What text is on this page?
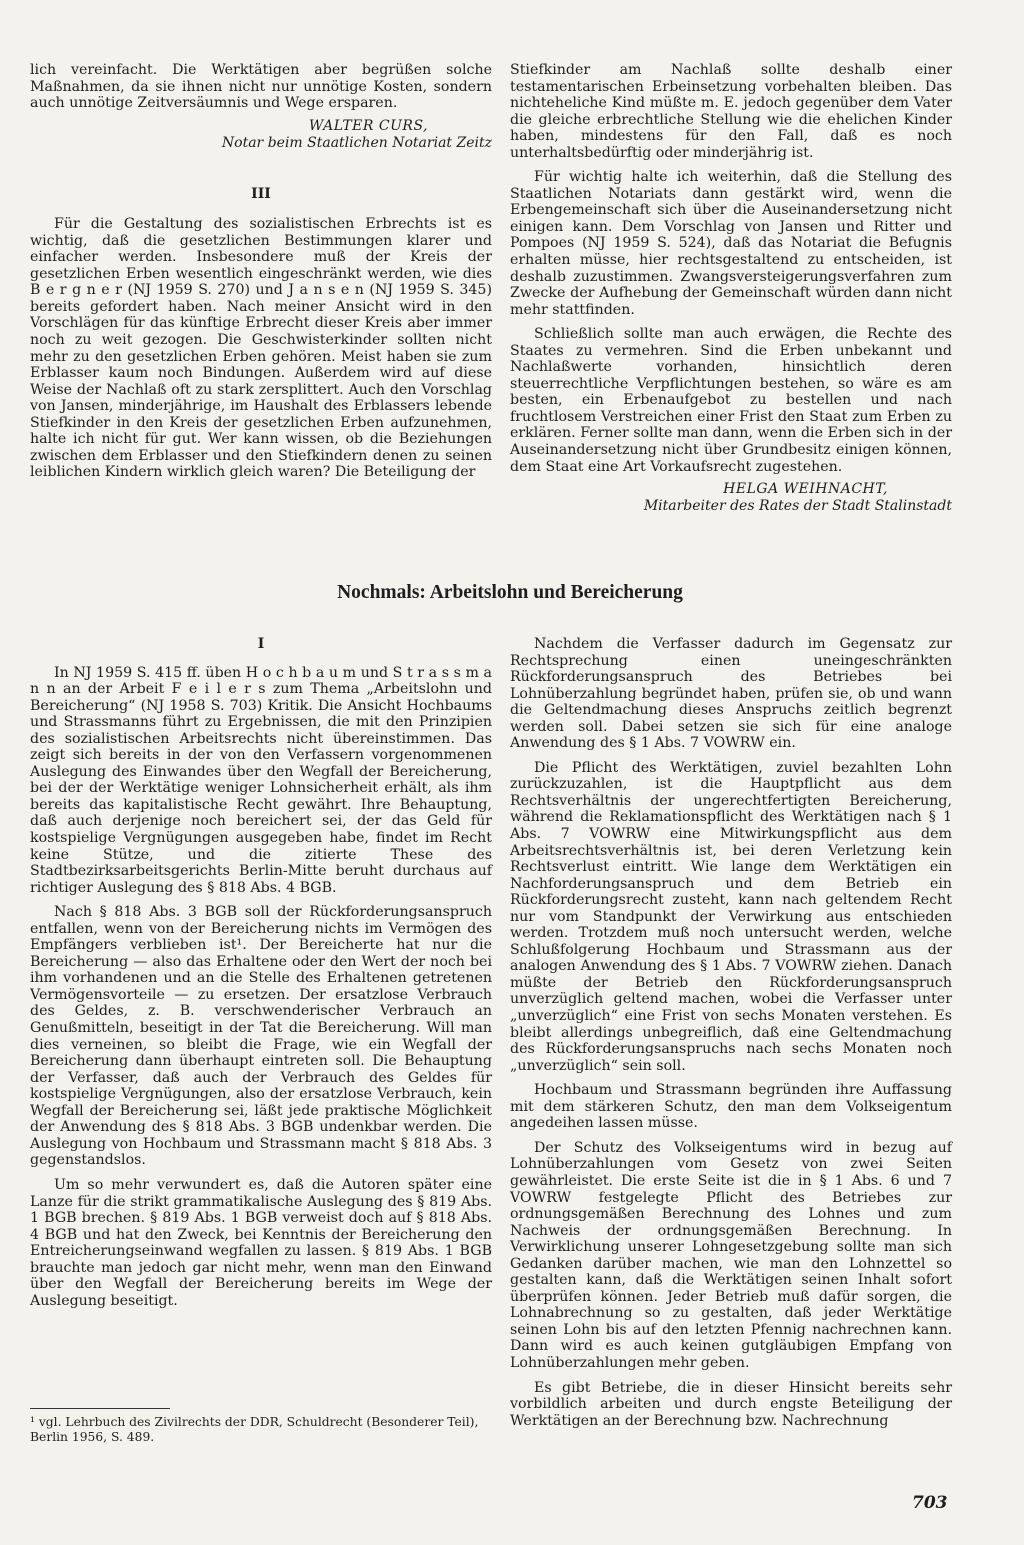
lich vereinfacht. Die Werktätigen aber begrüßen solche Maßnahmen, da sie ihnen nicht nur unnötige Kosten, sondern auch unnötige Zeitversäumnis und Wege ersparen.

WALTER CURS,
Notar beim Staatlichen Notariat Zeitz

III

Für die Gestaltung des sozialistischen Erbrechts ist es wichtig, daß die gesetzlichen Bestimmungen klarer und einfacher werden. Insbesondere muß der Kreis der gesetzlichen Erben wesentlich eingeschränkt werden, wie dies B e r g n e r (NJ 1959 S. 270) und J a n s e n (NJ 1959 S. 345) bereits gefordert haben. Nach meiner Ansicht wird in den Vorschlägen für das künftige Erbrecht dieser Kreis aber immer noch zu weit gezogen. Die Geschwisterkinder sollten nicht mehr zu den gesetzlichen Erben gehören. Meist haben sie zum Erblasser kaum noch Bindungen. Außerdem wird auf diese Weise der Nachlaß oft zu stark zersplittert. Auch den Vorschlag von Jansen, minderjährige, im Haushalt des Erblassers lebende Stiefkinder in den Kreis der gesetzlichen Erben aufzunehmen, halte ich nicht für gut. Wer kann wissen, ob die Beziehungen zwischen dem Erblasser und den Stiefkindern denen zu seinen leiblichen Kindern wirklich gleich waren? Die Beteiligung der

Stiefkinder am Nachlaß sollte deshalb einer testamentarischen Erbeinsetzung vorbehalten bleiben. Das nichteheliche Kind müßte m. E. jedoch gegenüber dem Vater die gleiche erbrechtliche Stellung wie die ehelichen Kinder haben, mindestens für den Fall, daß es noch unterhaltsbedürftig oder minderjährig ist.

Für wichtig halte ich weiterhin, daß die Stellung des Staatlichen Notariats dann gestärkt wird, wenn die Erbengemeinschaft sich über die Auseinandersetzung nicht einigen kann. Dem Vorschlag von Jansen und Ritter und Pompoes (NJ 1959 S. 524), daß das Notariat die Befugnis erhalten müsse, hier rechtsgestaltend zu entscheiden, ist deshalb zuzustimmen. Zwangsversteigerungsverfahren zum Zwecke der Aufhebung der Gemeinschaft würden dann nicht mehr stattfinden.

Schließlich sollte man auch erwägen, die Rechte des Staates zu vermehren. Sind die Erben unbekannt und Nachlaßwerte vorhanden, hinsichtlich deren steuerrechtliche Verpflichtungen bestehen, so wäre es am besten, ein Erbenaufgebot zu bestellen und nach fruchtlosem Verstreichen einer Frist den Staat zum Erben zu erklären. Ferner sollte man dann, wenn die Erben sich in der Auseinandersetzung nicht über Grundbesitz einigen können, dem Staat eine Art Vorkaufsrecht zugestehen.

HELGA WEIHNACHT,
Mitarbeiter des Rates der Stadt Stalinstadt
Nochmals: Arbeitslohn und Bereicherung

I

In NJ 1959 S. 415 ff. üben H o c h b a u m und S t r a s s m a n n an der Arbeit F e i l e r s zum Thema „Arbeitslohn und Bereicherung“ (NJ 1958 S. 703) Kritik. Die Ansicht Hochbaums und Strassmanns führt zu Ergebnissen, die mit den Prinzipien des sozialistischen Arbeitsrechts nicht übereinstimmen. Das zeigt sich bereits in der von den Verfassern vorgenommenen Auslegung des Einwandes über den Wegfall der Bereicherung, bei der der Werktätige weniger Lohnsicherheit erhält, als ihm bereits das kapitalistische Recht gewährt. Ihre Behauptung, daß auch derjenige noch bereichert sei, der das Geld für kostspielige Vergnügungen ausgegeben habe, findet im Recht keine Stütze, und die zitierte These des Stadtbezirksarbeitsgerichts Berlin-Mitte beruht durchaus auf richtiger Auslegung des § 818 Abs. 4 BGB.

Nach § 818 Abs. 3 BGB soll der Rückforderungsanspruch entfallen, wenn von der Bereicherung nichts im Vermögen des Empfängers verblieben ist¹. Der Bereicherte hat nur die Bereicherung — also das Erhaltene oder den Wert der noch bei ihm vorhandenen und an die Stelle des Erhaltenen getretenen Vermögensvorteile — zu ersetzen. Der ersatzlose Verbrauch des Geldes, z. B. verschwenderischer Verbrauch an Genußmitteln, beseitigt in der Tat die Bereicherung. Will man dies verneinen, so bleibt die Frage, wie ein Wegfall der Bereicherung dann überhaupt eintreten soll. Die Behauptung der Verfasser, daß auch der Verbrauch des Geldes für kostspielige Vergnügungen, also der ersatzlose Verbrauch, kein Wegfall der Bereicherung sei, läßt jede praktische Möglichkeit der Anwendung des § 818 Abs. 3 BGB undenkbar werden. Die Auslegung von Hochbaum und Strassmann macht § 818 Abs. 3 gegenstandslos.

Um so mehr verwundert es, daß die Autoren später eine Lanze für die strikt grammatikalische Auslegung des § 819 Abs. 1 BGB brechen. § 819 Abs. 1 BGB verweist doch auf § 818 Abs. 4 BGB und hat den Zweck, bei Kenntnis der Bereicherung den Entreicherungseinwand wegfallen zu lassen. § 819 Abs. 1 BGB brauchte man jedoch gar nicht mehr, wenn man den Einwand über den Wegfall der Bereicherung bereits im Wege der Auslegung beseitigt.

¹ vgl. Lehrbuch des Zivilrechts der DDR, Schuldrecht (Besonderer Teil), Berlin 1956, S. 489.

Nachdem die Verfasser dadurch im Gegensatz zur Rechtsprechung einen uneingeschränkten Rückforderungsanspruch des Betriebes bei Lohnüberzahlung begründet haben, prüfen sie, ob und wann die Geltendmachung dieses Anspruchs zeitlich begrenzt werden soll. Dabei setzen sie sich für eine analoge Anwendung des § 1 Abs. 7 VOWRW ein.

Die Pflicht des Werktätigen, zuviel bezahlten Lohn zurückzuzahlen, ist die Hauptpflicht aus dem Rechtsverhältnis der ungerechtfertigten Bereicherung, während die Reklamationspflicht des Werktätigen nach § 1 Abs. 7 VOWRW eine Mitwirkungspflicht aus dem Arbeitsrechtsverhältnis ist, bei deren Verletzung kein Rechtsverlust eintritt. Wie lange dem Werktätigen ein Nachforderungsanspruch und dem Betrieb ein Rückforderungsrecht zusteht, kann nach geltendem Recht nur vom Standpunkt der Verwirkung aus entschieden werden. Trotzdem muß noch untersucht werden, welche Schlußfolgerung Hochbaum und Strassmann aus der analogen Anwendung des § 1 Abs. 7 VOWRW ziehen. Danach müßte der Betrieb den Rückforderungsanspruch unverzüglich geltend machen, wobei die Verfasser unter „unverzüglich“ eine Frist von sechs Monaten verstehen. Es bleibt allerdings unbegreiflich, daß eine Geltendmachung des Rückforderungsanspruchs nach sechs Monaten noch „unverzüglich“ sein soll.

Hochbaum und Strassmann begründen ihre Auffassung mit dem stärkeren Schutz, den man dem Volkseigentum angedeihen lassen müsse.

Der Schutz des Volkseigentums wird in bezug auf Lohnüberzahlungen vom Gesetz von zwei Seiten gewährleistet. Die erste Seite ist die in § 1 Abs. 6 und 7 VOWRW festgelegte Pflicht des Betriebes zur ordnungsgemäßen Berechnung des Lohnes und zum Nachweis der ordnungsgemäßen Berechnung. In Verwirklichung unserer Lohngesetzgebung sollte man sich Gedanken darüber machen, wie man den Lohnzettel so gestalten kann, daß die Werktätigen seinen Inhalt sofort überprüfen können. Jeder Betrieb muß dafür sorgen, die Lohnabrechnung so zu gestalten, daß jeder Werktätige seinen Lohn bis auf den letzten Pfennig nachrechnen kann. Dann wird es auch keinen gutgläubigen Empfang von Lohnüberzahlungen mehr geben.

Es gibt Betriebe, die in dieser Hinsicht bereits sehr vorbildlich arbeiten und durch engste Beteiligung der Werktätigen an der Berechnung bzw. Nachrechnung

703
